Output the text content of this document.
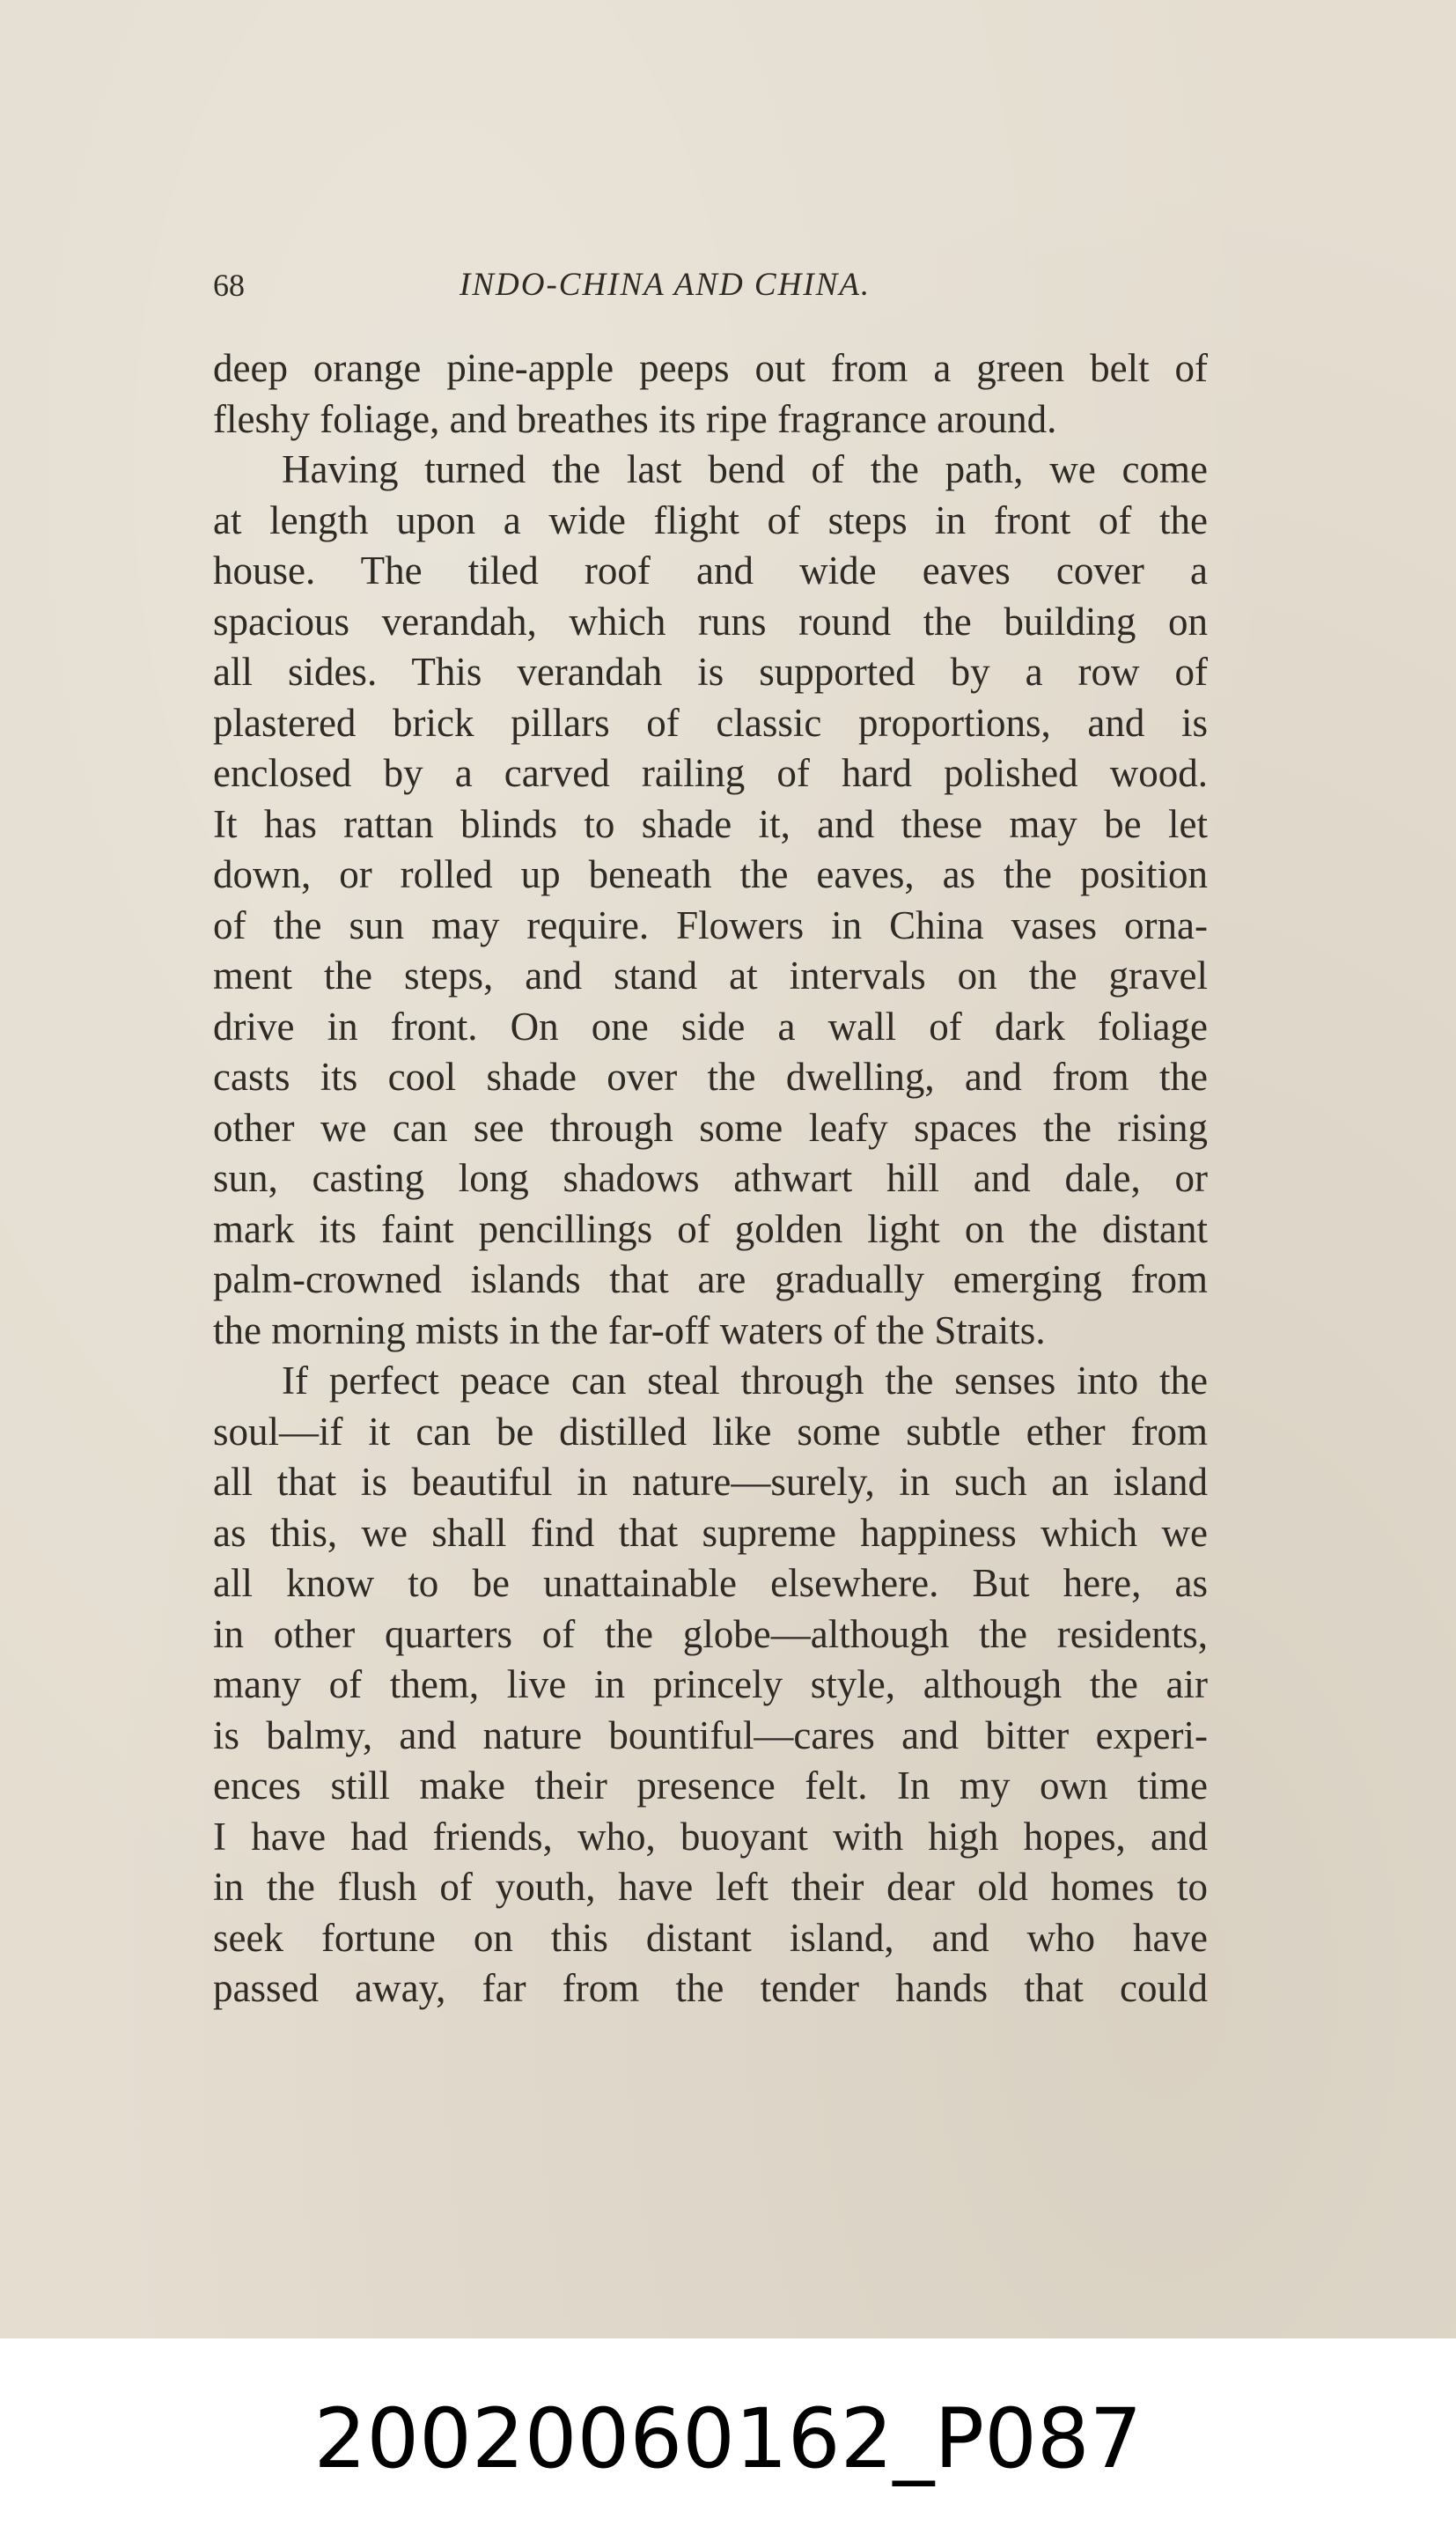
68	INDO-CHINA AND CHINA.
deep orange pine-apple peeps out from a green belt of
fleshy foliage, and breathes its ripe fragrance around.
Having turned the last bend of the path, we come
at length upon a wide flight of steps in front of the
house. The tiled roof and wide eaves cover a
spacious verandah, which runs round the building on
all sides. This verandah is supported by a row of
plastered brick pillars of classic proportions, and is
enclosed by a carved railing of hard polished wood.
It has rattan blinds to shade it, and these may be let
down, or rolled up beneath the eaves, as the position
of the sun may require. Flowers in China vases orna-
ment the steps, and stand at intervals on the gravel
drive in front. On one side a wall of dark foliage
casts its cool shade over the dwelling, and from the
other we can see through some leafy spaces the rising
sun, casting long shadows athwart hill and dale, or
mark its faint pencillings of golden light on the distant
palm-crowned islands that are gradually emerging from
the morning mists in the far-off waters of the Straits.
If perfect peace can steal through the senses into the
soul—if it can be distilled like some subtle ether from
all that is beautiful in nature—surely, in such an island
as this, we shall find that supreme happiness which we
all know to be unattainable elsewhere. But here, as
in other quarters of the globe—although the residents,
many of them, live in princely style, although the air
is balmy, and nature bountiful—cares and bitter experi-
ences still make their presence felt. In my own time
I have had friends, who, buoyant with high hopes, and
in the flush of youth, have left their dear old homes to
seek fortune on this distant island, and who have
passed away, far from the tender hands that could
20020060162_P087
